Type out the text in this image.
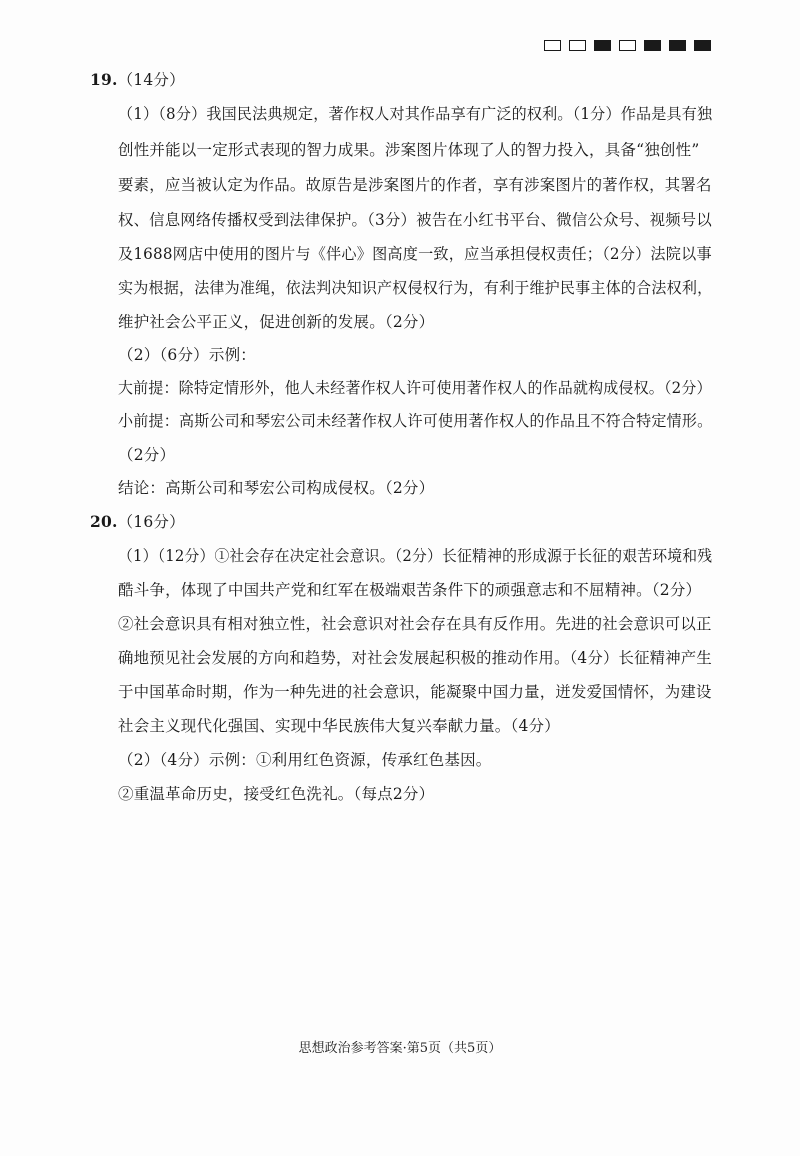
19.（14分）
（1）（8分）我国民法典规定，著作权人对其作品享有广泛的权利。（1分）作品是具有独
创性并能以一定形式表现的智力成果。涉案图片体现了人的智力投入，具备“独创性”
要素，应当被认定为作品。故原告是涉案图片的作者，享有涉案图片的著作权，其署名
权、信息网络传播权受到法律保护。（3分）被告在小红书平台、微信公众号、视频号以
及1688网店中使用的图片与《伴心》图高度一致，应当承担侵权责任；（2分）法院以事
实为根据，法律为准绳，依法判决知识产权侵权行为，有利于维护民事主体的合法权利，
维护社会公平正义，促进创新的发展。（2分）
（2）（6分）示例：
大前提：除特定情形外，他人未经著作权人许可使用著作权人的作品就构成侵权。（2分）
小前提：高斯公司和琴宏公司未经著作权人许可使用著作权人的作品且不符合特定情形。
（2分）
结论：高斯公司和琴宏公司构成侵权。（2分）
20.（16分）
（1）（12分）①社会存在决定社会意识。（2分）长征精神的形成源于长征的艰苦环境和残
酷斗争，体现了中国共产党和红军在极端艰苦条件下的顽强意志和不屈精神。（2分）
②社会意识具有相对独立性，社会意识对社会存在具有反作用。先进的社会意识可以正
确地预见社会发展的方向和趋势，对社会发展起积极的推动作用。（4分）长征精神产生
于中国革命时期，作为一种先进的社会意识，能凝聚中国力量，迸发爱国情怀，为建设
社会主义现代化强国、实现中华民族伟大复兴奉献力量。（4分）
（2）（4分）示例：①利用红色资源，传承红色基因。
②重温革命历史，接受红色洗礼。（每点2分）
思想政治参考答案·第5页（共5页）
